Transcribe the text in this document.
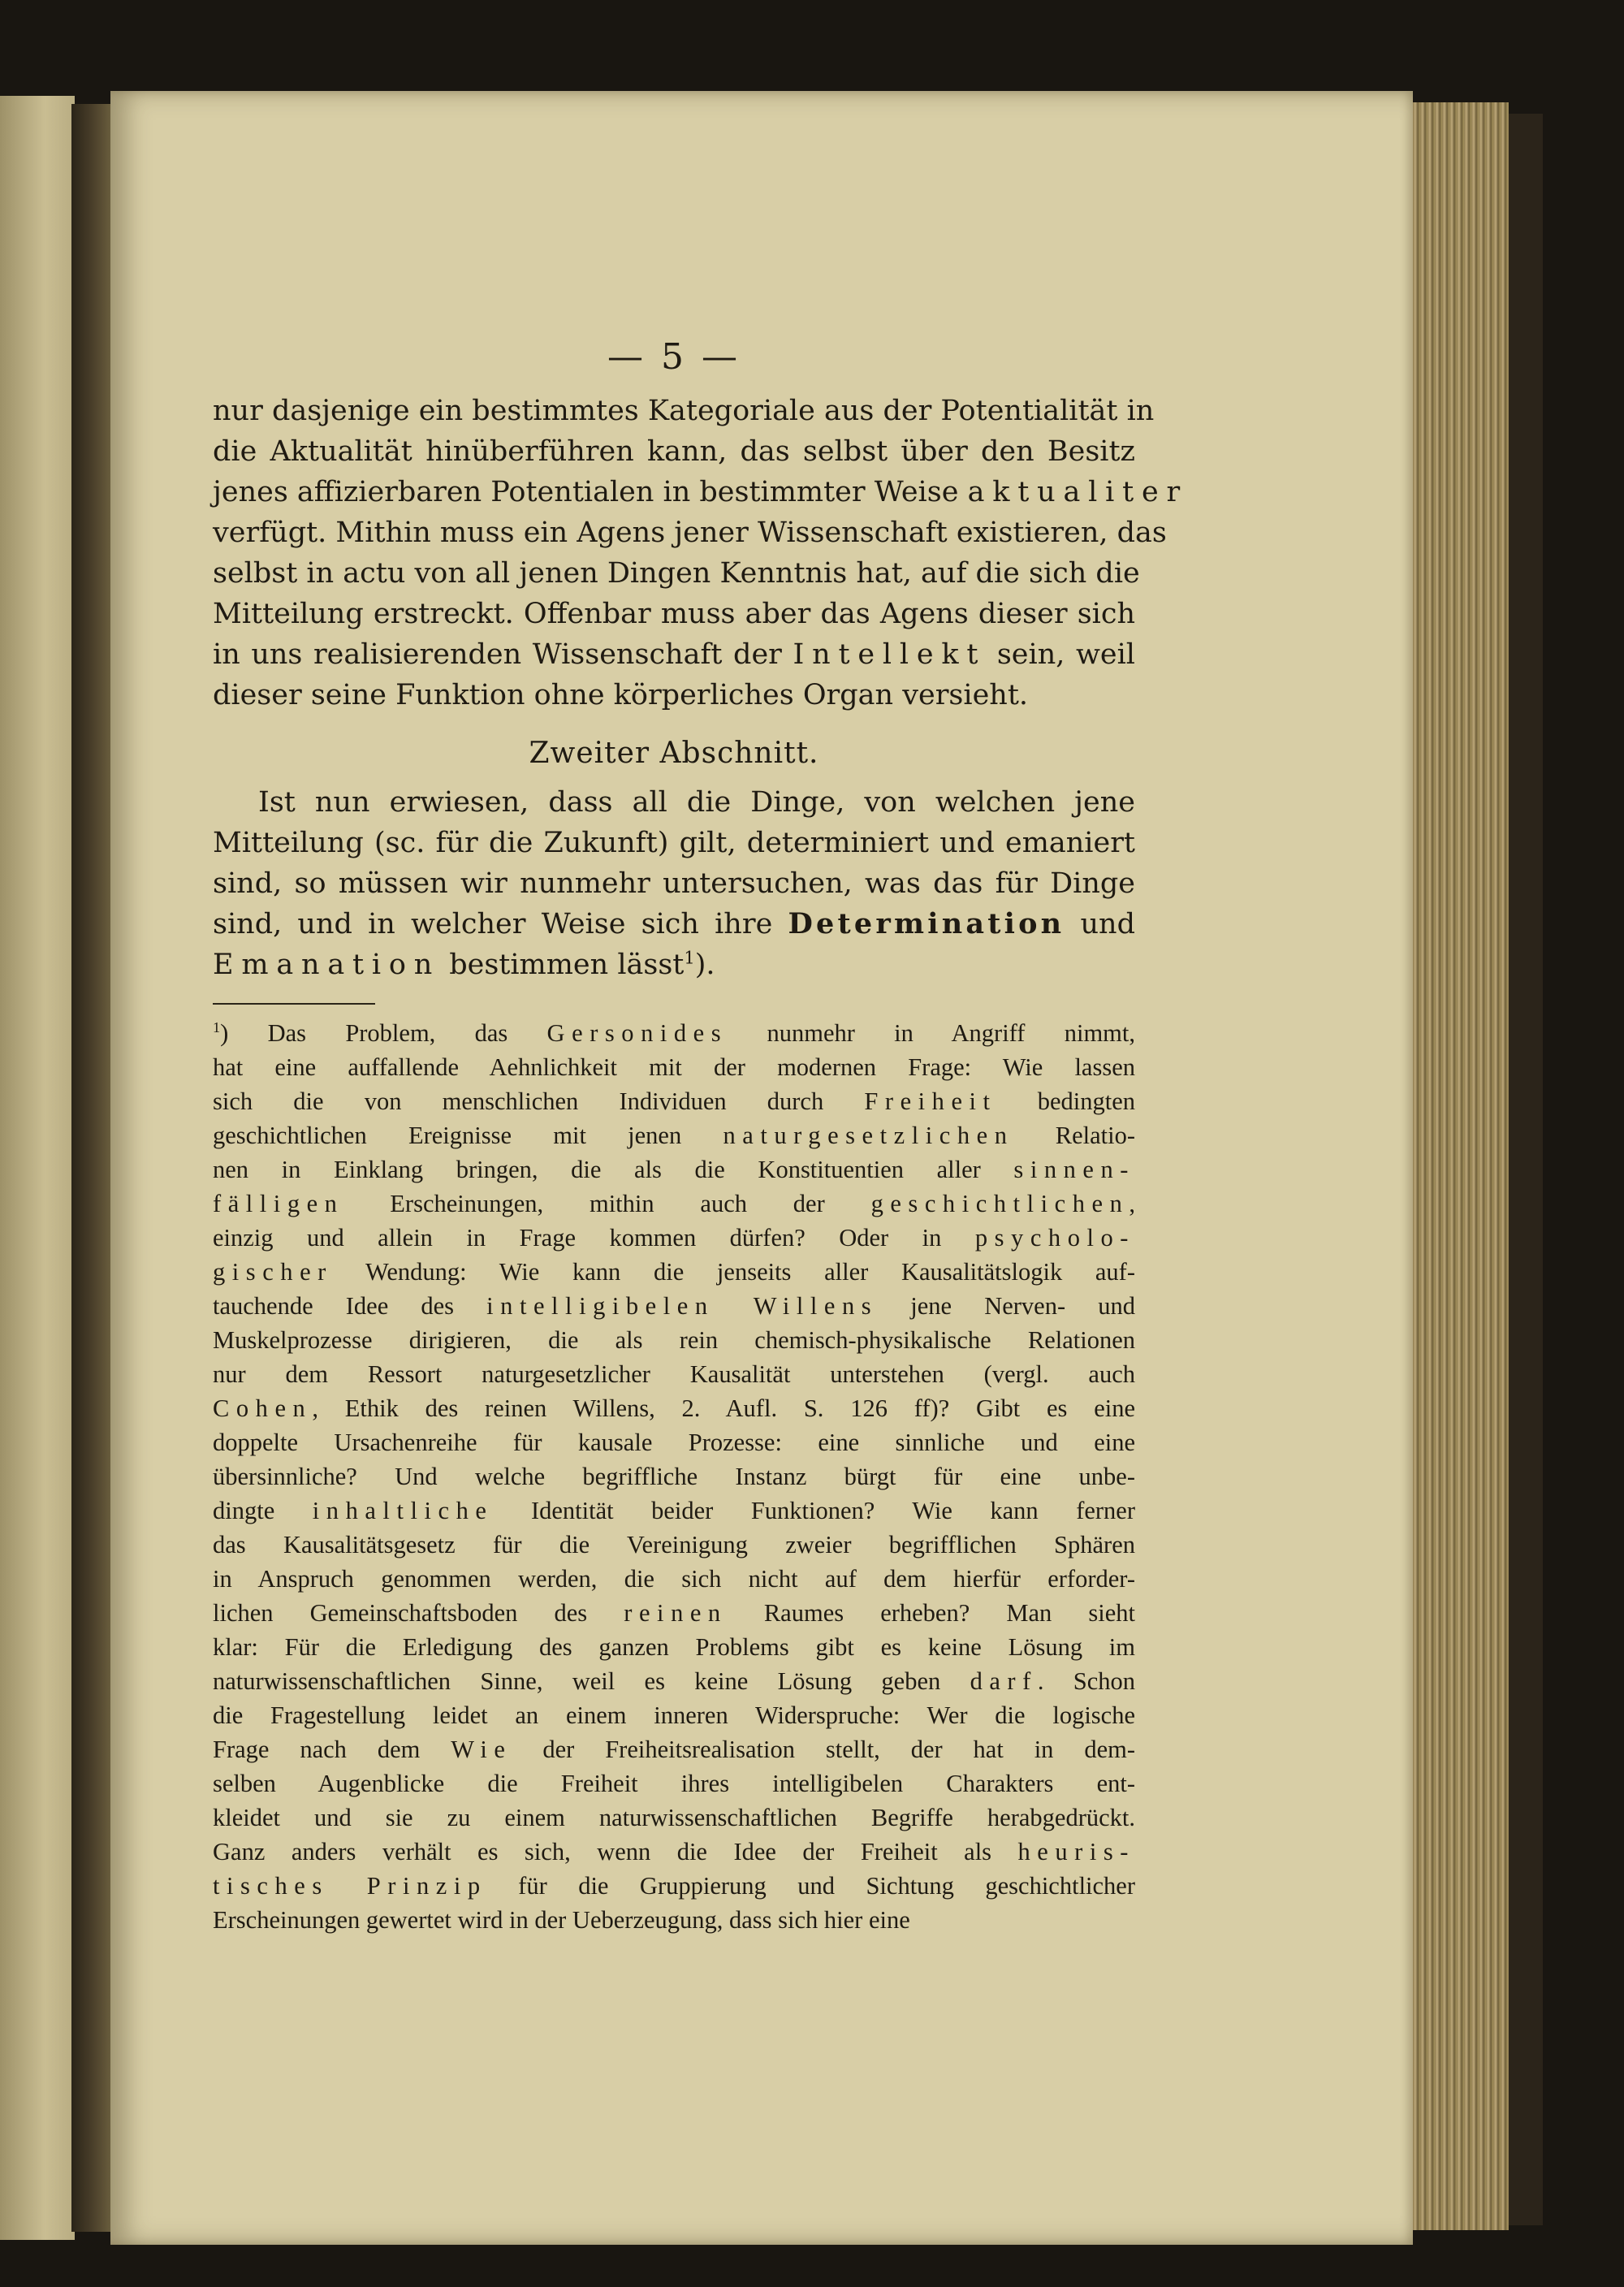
— 5 —
nur dasjenige ein bestimmtes Kategoriale aus der Potentialität in
die Aktualität hinüberführen kann, das selbst über den Besitz
jenes affizierbaren Potentialen in bestimmter Weise aktualiter
verfügt. Mithin muss ein Agens jener Wissenschaft existieren, das
selbst in actu von all jenen Dingen Kenntnis hat, auf die sich die
Mitteilung erstreckt. Offenbar muss aber das Agens dieser sich
in uns realisierenden Wissenschaft der Intellekt sein, weil
dieser seine Funktion ohne körperliches Organ versieht.
Zweiter Abschnitt.
Ist nun erwiesen, dass all die Dinge, von welchen jene
Mitteilung (sc. für die Zukunft) gilt, determiniert und emaniert
sind, so müssen wir nunmehr untersuchen, was das für Dinge
sind, und in welcher Weise sich ihre Determination und
Emanation bestimmen lässt$^1$).
$^1$) Das Problem, das Gersonides nunmehr in Angriff nimmt,
hat eine auffallende Aehnlichkeit mit der modernen Frage: Wie lassen
sich die von menschlichen Individuen durch Freiheit bedingten
geschichtlichen Ereignisse mit jenen naturgesetzlichen Relatio-
nen in Einklang bringen, die als die Konstituentien aller sinnen-
fälligen Erscheinungen, mithin auch der geschichtlichen,
einzig und allein in Frage kommen dürfen? Oder in psycholo-
gischer Wendung: Wie kann die jenseits aller Kausalitätslogik auf-
tauchende Idee des intelligibelen Willens jene Nerven- und
Muskelprozesse dirigieren, die als rein chemisch-physikalische Relationen
nur dem Ressort naturgesetzlicher Kausalität unterstehen (vergl. auch
Cohen, Ethik des reinen Willens, 2. Aufl. S. 126 ff)? Gibt es eine
doppelte Ursachenreihe für kausale Prozesse: eine sinnliche und eine
übersinnliche? Und welche begriffliche Instanz bürgt für eine unbe-
dingte inhaltliche Identität beider Funktionen? Wie kann ferner
das Kausalitätsgesetz für die Vereinigung zweier begrifflichen Sphären
in Anspruch genommen werden, die sich nicht auf dem hierfür erforder-
lichen Gemeinschaftsboden des reinen Raumes erheben? Man sieht
klar: Für die Erledigung des ganzen Problems gibt es keine Lösung im
naturwissenschaftlichen Sinne, weil es keine Lösung geben darf. Schon
die Fragestellung leidet an einem inneren Widerspruche: Wer die logische
Frage nach dem Wie der Freiheitsrealisation stellt, der hat in dem-
selben Augenblicke die Freiheit ihres intelligibelen Charakters ent-
kleidet und sie zu einem naturwissenschaftlichen Begriffe herabgedrückt.
Ganz anders verhält es sich, wenn die Idee der Freiheit als heuris-
tisches Prinzip für die Gruppierung und Sichtung geschichtlicher
Erscheinungen gewertet wird in der Ueberzeugung, dass sich hier eine
